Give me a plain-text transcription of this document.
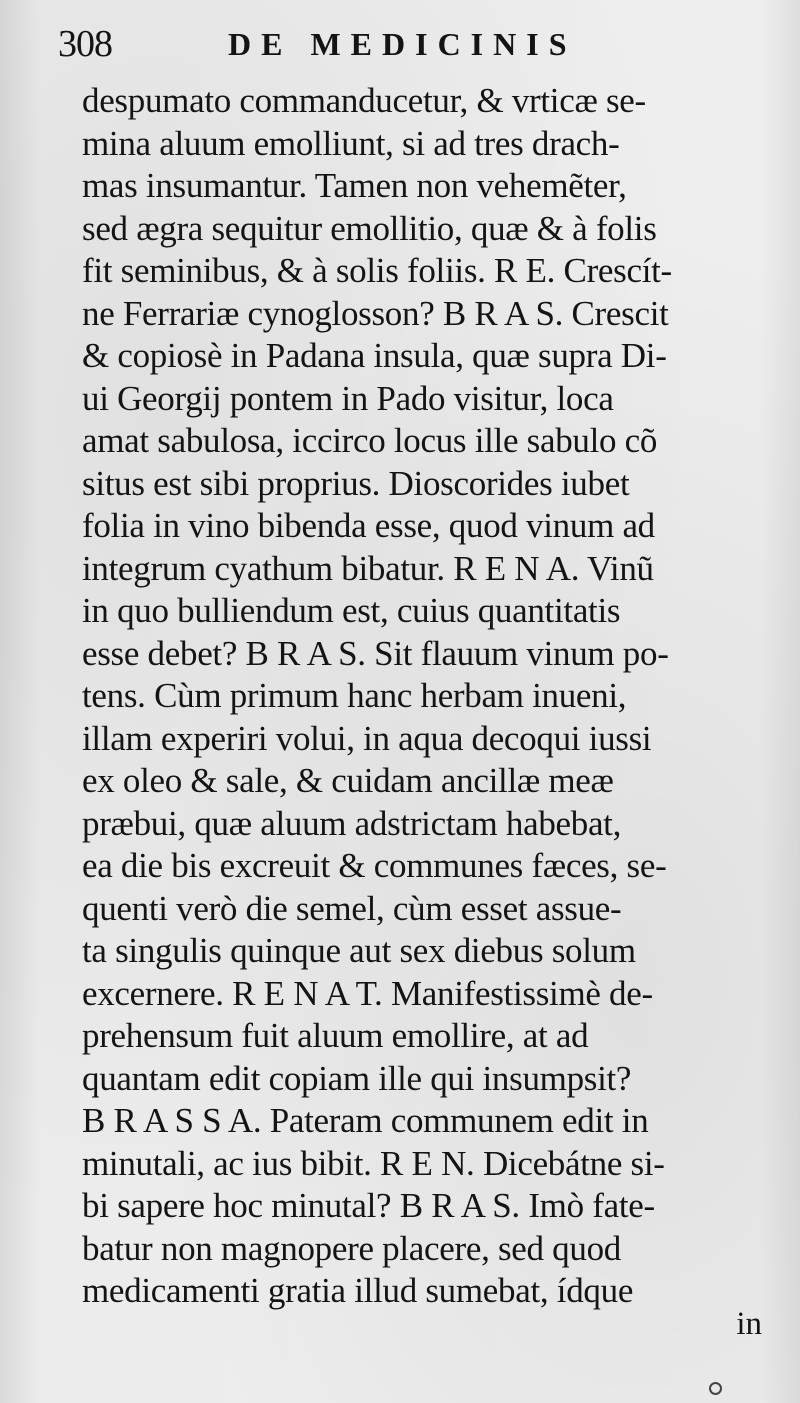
308	DE MEDICINIS
despumato commanducetur, & vrticæ se-
mina aluum emolliunt, si ad tres drach-
mas insumantur. Tamen non vehemẽter,
sed ægra sequitur emollitio, quæ & à folis
fit seminibus, & à solis foliis. R E. Crescít-
ne Ferrariæ cynoglosson? B R A S. Crescit
& copiosè in Padana insula, quæ supra Di-
ui Georgij pontem in Pado visitur, loca
amat sabulosa, iccirco locus ille sabulo cõ
situs est sibi proprius. Dioscorides iubet
folia in vino bibenda esse, quod vinum ad
integrum cyathum bibatur. R E N A. Vinũ
in quo bulliendum est, cuius quantitatis
esse debet? B R A S. Sit flauum vinum po-
tens. Cùm primum hanc herbam inueni,
illam experiri volui, in aqua decoqui iussi
ex oleo & sale, & cuidam ancillæ meæ
præbui, quæ aluum adstrictam habebat,
ea die bis excreuit & communes fæces, se-
quenti verò die semel, cùm esset assue-
ta singulis quinque aut sex diebus solum
excernere. R E N A T. Manifestissimè de-
prehensum fuit aluum emollire, at ad
quantam edit copiam ille qui insumpsit?
B R A S S A. Pateram communem edit in
minutali, ac ius bibit. R E N. Dicebátne si-
bi sapere hoc minutal? B R A S. Imò fate-
batur non magnopere placere, sed quod
medicamenti gratia illud sumebat, ídque
in
